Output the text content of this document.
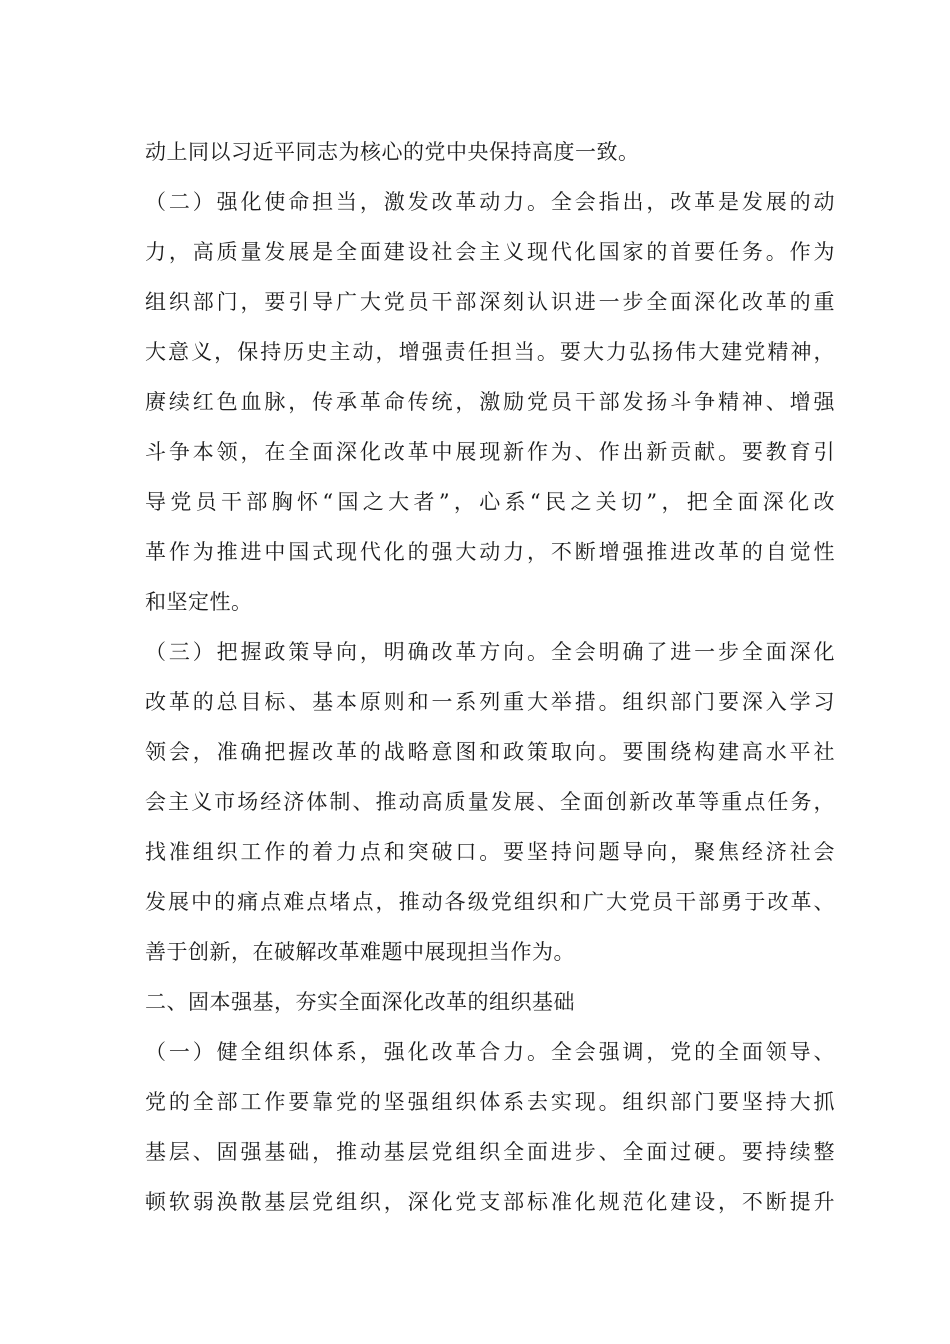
动上同以习近平同志为核心的党中央保持高度一致。
（二）强化使命担当，激发改革动力。全会指出，改革是发展的动
力，高质量发展是全面建设社会主义现代化国家的首要任务。作为
组织部门，要引导广大党员干部深刻认识进一步全面深化改革的重
大意义，保持历史主动，增强责任担当。要大力弘扬伟大建党精神，
赓续红色血脉，传承革命传统，激励党员干部发扬斗争精神、增强
斗争本领，在全面深化改革中展现新作为、作出新贡献。要教育引
导党员干部胸怀“国之大者”，心系“民之关切”，把全面深化改
革作为推进中国式现代化的强大动力，不断增强推进改革的自觉性
和坚定性。
（三）把握政策导向，明确改革方向。全会明确了进一步全面深化
改革的总目标、基本原则和一系列重大举措。组织部门要深入学习
领会，准确把握改革的战略意图和政策取向。要围绕构建高水平社
会主义市场经济体制、推动高质量发展、全面创新改革等重点任务，
找准组织工作的着力点和突破口。要坚持问题导向，聚焦经济社会
发展中的痛点难点堵点，推动各级党组织和广大党员干部勇于改革、
善于创新，在破解改革难题中展现担当作为。
二、固本强基，夯实全面深化改革的组织基础
（一）健全组织体系，强化改革合力。全会强调，党的全面领导、
党的全部工作要靠党的坚强组织体系去实现。组织部门要坚持大抓
基层、固强基础，推动基层党组织全面进步、全面过硬。要持续整
顿软弱涣散基层党组织，深化党支部标准化规范化建设，不断提升
